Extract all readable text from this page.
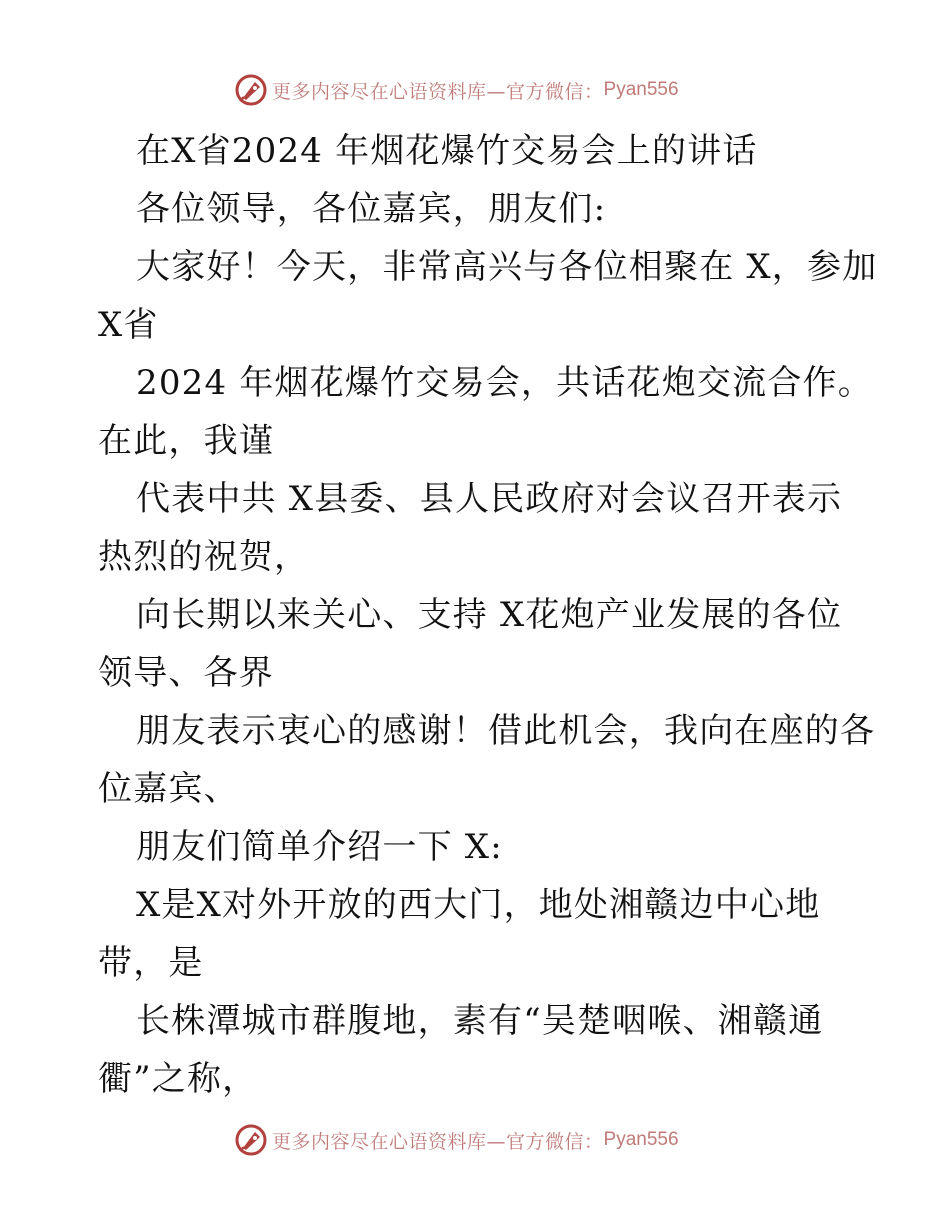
更多内容尽在心语资料库—官方微信： Pyan556
在X省2024 年烟花爆竹交易会上的讲话
各位领导，各位嘉宾，朋友们:
大家好！今天，非常高兴与各位相聚在 X，参加
X省
2024 年烟花爆竹交易会，共话花炮交流合作。
在此，我谨
代表中共 X县委、县人民政府对会议召开表示
热烈的祝贺，
向长期以来关心、支持 X花炮产业发展的各位
领导、各界
朋友表示衷心的感谢！借此机会，我向在座的各
位嘉宾、
朋友们简单介绍一下 X:
X是X对外开放的西大门，地处湘赣边中心地
带，是
长株潭城市群腹地，素有“吴楚咽喉、湘赣通
衢”之称，
更多内容尽在心语资料库—官方微信： Pyan556
